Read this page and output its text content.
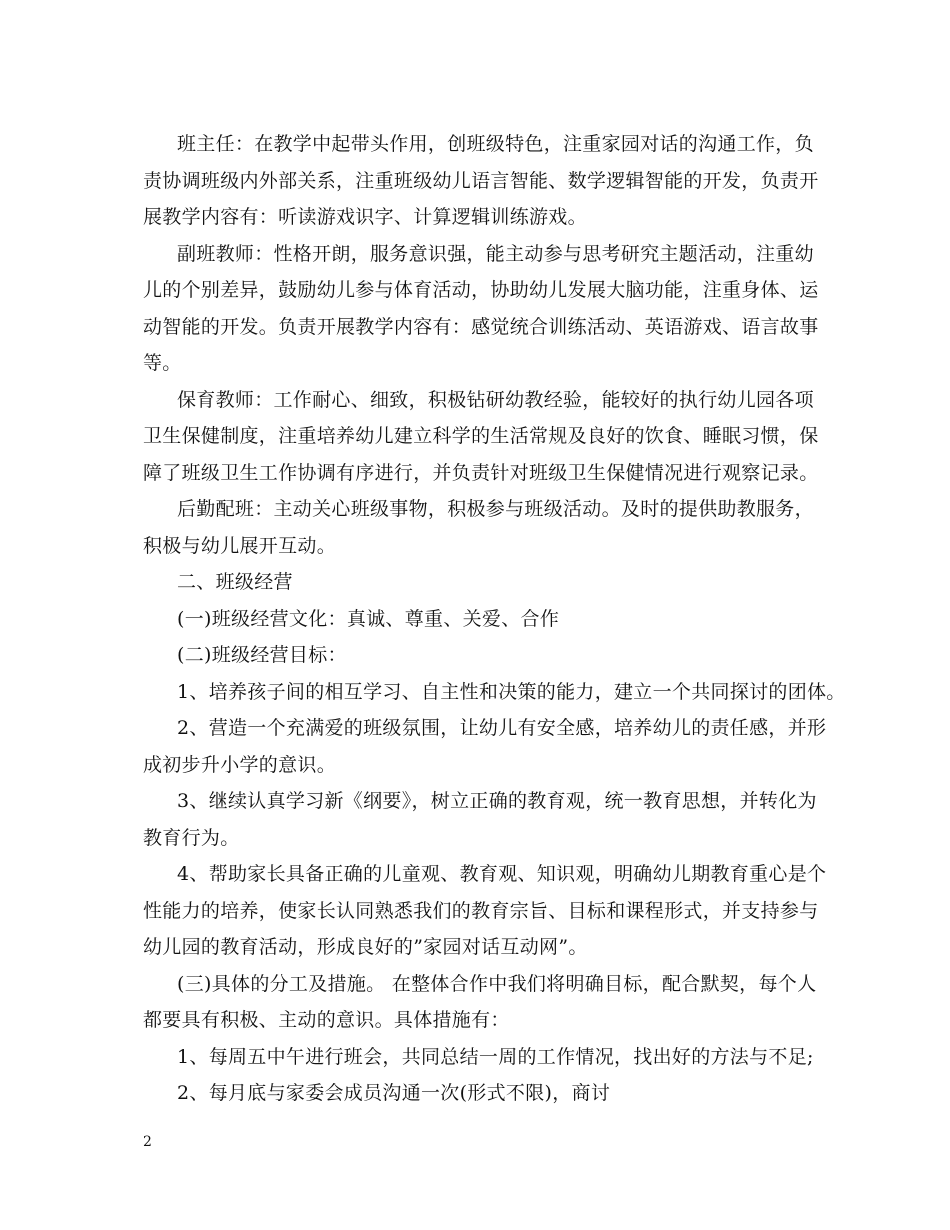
班主任：在教学中起带头作用，创班级特色，注重家园对话的沟通工作，负
责协调班级内外部关系，注重班级幼儿语言智能、数学逻辑智能的开发，负责开
展教学内容有：听读游戏识字、计算逻辑训练游戏。
副班教师：性格开朗，服务意识强，能主动参与思考研究主题活动，注重幼
儿的个别差异，鼓励幼儿参与体育活动，协助幼儿发展大脑功能，注重身体、运
动智能的开发。负责开展教学内容有：感觉统合训练活动、英语游戏、语言故事
等。
保育教师：工作耐心、细致，积极钻研幼教经验，能较好的执行幼儿园各项
卫生保健制度，注重培养幼儿建立科学的生活常规及良好的饮食、睡眠习惯，保
障了班级卫生工作协调有序进行，并负责针对班级卫生保健情况进行观察记录。
后勤配班：主动关心班级事物，积极参与班级活动。及时的提供助教服务，
积极与幼儿展开互动。
二、班级经营
(一)班级经营文化：真诚、尊重、关爱、合作
(二)班级经营目标：
1、培养孩子间的相互学习、自主性和决策的能力，建立一个共同探讨的团体。
2、营造一个充满爱的班级氛围，让幼儿有安全感，培养幼儿的责任感，并形
成初步升小学的意识。
3、继续认真学习新《纲要》，树立正确的教育观，统一教育思想，并转化为
教育行为。
4、帮助家长具备正确的儿童观、教育观、知识观，明确幼儿期教育重心是个
性能力的培养，使家长认同熟悉我们的教育宗旨、目标和课程形式，并支持参与
幼儿园的教育活动，形成良好的”家园对话互动网”。
(三)具体的分工及措施。 在整体合作中我们将明确目标，配合默契，每个人
都要具有积极、主动的意识。具体措施有：
1、每周五中午进行班会，共同总结一周的工作情况，找出好的方法与不足;
2、每月底与家委会成员沟通一次(形式不限)，商讨
2
